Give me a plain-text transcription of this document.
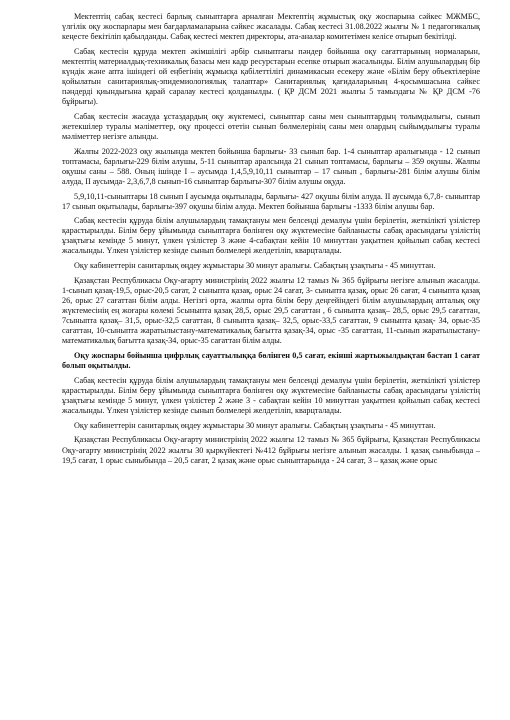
Мектептің сабақ кестесі барлық сыныптарға арналған Мектептің жұмыстық оқу жоспарына сәйкес МЖМБС, үлгілік оқу жоспарлары мен бағдарламаларына сәйкес жасалады. Сабақ кестесі 31.08.2022 жылғы № 1 педагогикалық кеңесте бекітіліп қабылданды. Сабақ кестесі мектеп директоры, ата-аналар комитетімен келісе отырып бекітілді.

Сабақ кестесін құруда мектеп әкімшілігі әрбір сыныптағы пәндер бойынша оқу сағаттарының нормаларын, мектептің материалдық-техникалық базасы мен кадр ресурстарын есепке отырып жасалынды. Білім алушылардың бір күндік және апта ішіндегі ой еңбегінің жұмысқа қабілеттілігі динамикасын есекеру және «Білім беру объектілеріне қойылатын санитариялық-эпидемиологиялық талаптар» Санитариялық қағидаларының 4-қосымшасына сәйкес пәндерді қиындығына қарай саралау кестесі қолданылды. ( ҚР ДСМ 2021 жылғы 5 тамыздағы № ҚР ДСМ -76 бұйрығы).

Сабақ кестесін жасауда ұстаздардың оқу жүктемесі, сыныптар саны мен сыныптардың толымдылығы, сынып жетекшілер туралы мәліметтер, оқу процессі өтетін сынып бөлмелерінің саны мен олардың сыйымдылығы туралы мәліметтер негізге алынды.

Жалпы 2022-2023 оқу жылында мектеп бойынша барлығы- 33 сынып бар. 1-4 сыныптар аралығында - 12 сынып топтамасы, барлығы-229 білім алушы, 5-11 сыныптар аралсында 21 сынып топтамасы, барлығы – 359 оқушы. Жалпы оқушы саны – 588. Оның ішінде І – аусымда 1,4,5,9,10,11 сыныптар – 17 сынып , барлығы-281 білім алушы білім алуда, ІІ аусымда- 2,3,6,7,8 сынып-16 сыныптар барлығы-307 білім алушы оқуда.

5,9,10,11-сыныптары 18 сынып І аусымда оқытылады, барлығы- 427 оқушы білім алуда. ІІ аусымда 6,7,8- сыныптар 17 сынып оқытылады, барлығы-397 оқушы білім алуда. Мектеп бойынша барлығы -1333 білім алушы бар.

Сабақ кестесін құруда білім алушылардың тамақтануы мен белсенді демалуы үшін берілетін, жеткілікті үзілістер қарастырылды. Білім беру ұйымында сыныптарға бөлінген оқу жүктемесіне байланысты сабақ арасындағы үзілістің ұзақтығы кемінде 5 минут, үлкен үзілістер 3 және 4-сабақтан кейін 10 минуттан уақытпен қойылып сабақ кестесі жасалынды. Үлкен үзілістер кезінде сынып бөлмелері желдетіліп, кварцталады.

Оқу кабинеттерін санитарлық өңдеу жұмыстары 30 минут аралығы. Сабақтың ұзақтығы - 45 минуттан.

Қазақстан Республикасы Оқу-ағарту министрінің 2022 жылғы 12 тамыз № 365 бұйрығы негізге алынып жасалды. 1-сынып қазақ-19,5, орыс-20,5 сағат, 2 сыныпта қазақ, орыс 24 сағат, 3- сыныпта қазақ, орыс 26 сағат, 4 сыныпта қазақ 26, орыс 27 сағаттан білім алды. Негізгі орта, жалпы орта білім беру деңгейіндегі білім алушылардың апталық оқу жүктемесінің ең жоғары көлемі 5сыныпта қазақ 28,5, орыс 29,5 сағаттан , 6 сыныпта қазақ– 28,5, орыс 29,5 сағаттан, 7сыныпта қазақ– 31,5, орыс-32,5 сағаттан, 8 сыныпта қазақ– 32,5, орыс-33,5 сағаттан, 9 сыныпта қазақ- 34, орыс-35 сағаттан, 10-сыныпта жаратылыстану-математикалық бағытта қазақ-34, орыс -35 сағаттан, 11-сынып жаратылыстану-математикалық бағытта қазақ-34, орыс-35 сағаттан білім алды.

Оқу жоспары бойынша цифрлық сауаттылыққа бөлінген 0,5 сағат, екінші жартыжылдықтан бастап 1 сағат болып оқытылды.

Сабақ кестесін құруда білім алушылардың тамақтануы мен белсенді демалуы үшін берілетін, жеткілікті үзілістер қарастырылды. Білім беру ұйымында сыныптарға бөлінген оқу жүктемесіне байланысты сабақ арасындағы үзілістің ұзақтығы кемінде 5 минут, үлкен үзілістер 2 және 3 - сабақтан кейін 10 минуттан уақытпен қойылып сабақ кестесі жасалынды. Үлкен үзілістер кезінде сынып бөлмелері желдетіліп, кварцталады.

Оқу кабинеттерін санитарлық өңдеу жұмыстары 30 минут аралығы. Сабақтың ұзақтығы - 45 минуттан.

Қазақстан Республикасы Оқу-ағарту министрінің 2022 жылғы 12 тамыз № 365 бұйрығы, Қазақстан Республикасы Оқу-ағарту министрінің 2022 жылғы 30 қыркүйектегі №412 бұйрығы негізге алынып жасалды. 1 қазақ сыныбында – 19,5 сағат, 1 орыс сыныбында – 20,5 сағат, 2 қазақ және орыс сыныптарында - 24 сағат, 3 – қазақ және орыс
